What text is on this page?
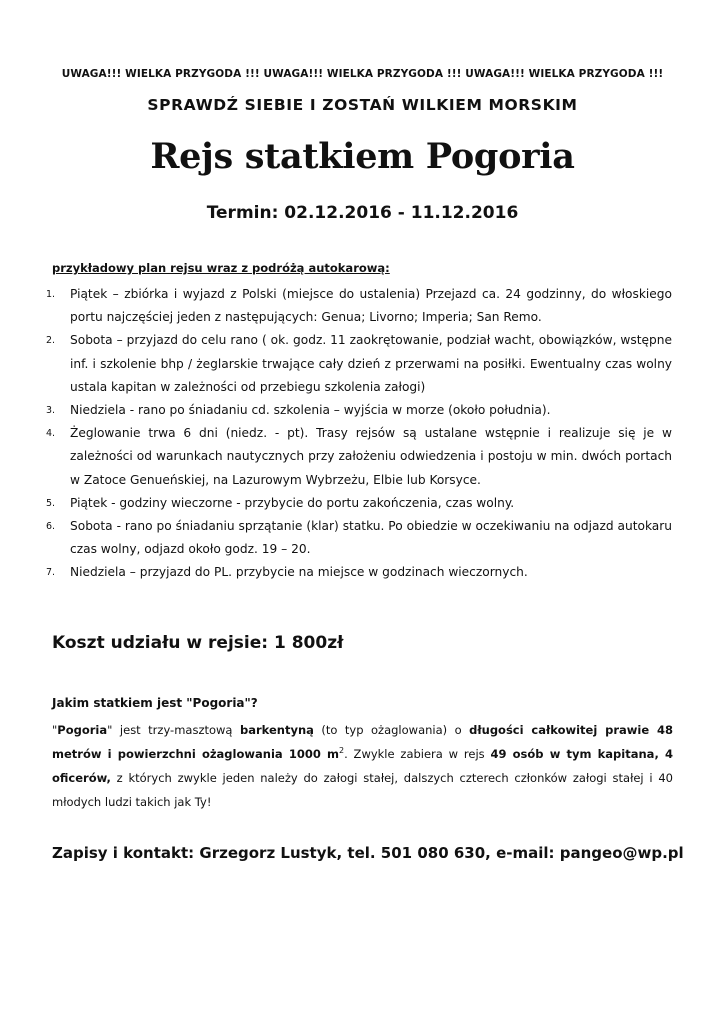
UWAGA!!! WIELKA PRZYGODA !!! UWAGA!!! WIELKA PRZYGODA !!! UWAGA!!! WIELKA PRZYGODA !!!
SPRAWDŹ SIEBIE I ZOSTAŃ WILKIEM MORSKIM
Rejs statkiem Pogoria
Termin: 02.12.2016 - 11.12.2016
przykładowy plan rejsu wraz z podróżą autokarową:
1. Piątek – zbiórka i wyjazd z Polski (miejsce do ustalenia) Przejazd ca. 24 godzinny, do włoskiego portu najczęściej jeden z następujących: Genua; Livorno; Imperia; San Remo.
2. Sobota – przyjazd do celu rano ( ok. godz. 11 zaokrętowanie, podział wacht, obowiązków, wstępne inf. i szkolenie bhp / żeglarskie trwające cały dzień z przerwami na posiłki. Ewentualny czas wolny ustala kapitan w zależności od przebiegu szkolenia załogi)
3. Niedziela - rano po śniadaniu cd. szkolenia – wyjścia w morze (około południa).
4. Żeglowanie trwa 6 dni (niedz. - pt). Trasy rejsów są ustalane wstępnie i realizuje się je w zależności od warunkach nautycznych przy założeniu odwiedzenia i postoju w min. dwóch portach w Zatoce Genueńskiej, na Lazurowym Wybrzeżu, Elbie lub Korsyce.
5. Piątek - godziny wieczorne - przybycie do portu zakończenia, czas wolny.
6. Sobota - rano po śniadaniu sprzątanie (klar) statku. Po obiedzie w oczekiwaniu na odjazd autokaru czas wolny, odjazd około godz. 19 – 20.
7. Niedziela – przyjazd do PL. przybycie na miejsce w godzinach wieczornych.
Koszt udziału w rejsie: 1 800zł
Jakim statkiem jest "Pogoria"?
"Pogoria" jest trzy-masztową barkentyną (to typ ożaglowania) o długości całkowitej prawie 48 metrów i powierzchni ożaglowania 1000 $m^2$. Zwykle zabiera w rejs 49 osób w tym kapitana, 4 oficerów, z których zwykle jeden należy do załogi stałej, dalszych czterech członków załogi stałej i 40 młodych ludzi takich jak Ty!
Zapisy i kontakt: Grzegorz Lustyk, tel. 501 080 630, e-mail: pangeo@wp.pl
